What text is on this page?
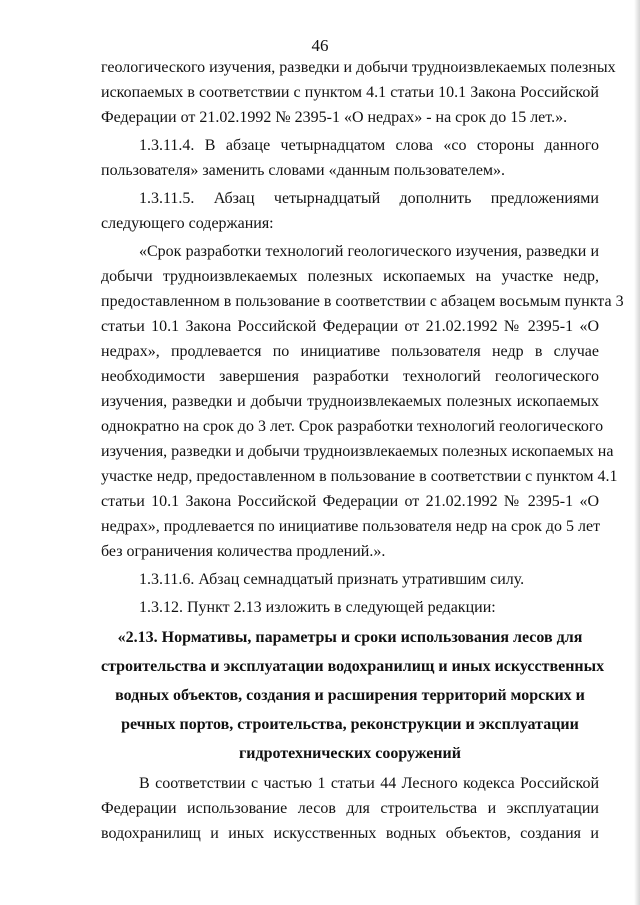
46
геологического изучения, разведки и добычи трудноизвлекаемых полезных
ископаемых в соответствии с пунктом 4.1 статьи 10.1 Закона Российской
Федерации от 21.02.1992 № 2395-1 «О недрах» - на срок до 15 лет.».
1.3.11.4. В абзаце четырнадцатом слова «со стороны данного
пользователя» заменить словами «данным пользователем».
1.3.11.5. Абзац четырнадцатый дополнить предложениями
следующего содержания:
«Срок разработки технологий геологического изучения, разведки и
добычи трудноизвлекаемых полезных ископаемых на участке недр,
предоставленном в пользование в соответствии с абзацем восьмым пункта 3
статьи 10.1 Закона Российской Федерации от 21.02.1992 № 2395-1 «О
недрах», продлевается по инициативе пользователя недр в случае
необходимости завершения разработки технологий геологического
изучения, разведки и добычи трудноизвлекаемых полезных ископаемых
однократно на срок до 3 лет. Срок разработки технологий геологического
изучения, разведки и добычи трудноизвлекаемых полезных ископаемых на
участке недр, предоставленном в пользование в соответствии с пунктом 4.1
статьи 10.1 Закона Российской Федерации от 21.02.1992 № 2395-1 «О
недрах», продлевается по инициативе пользователя недр на срок до 5 лет
без ограничения количества продлений.».
1.3.11.6. Абзац семнадцатый признать утратившим силу.
1.3.12. Пункт 2.13 изложить в следующей редакции:
«2.13. Нормативы, параметры и сроки использования лесов для
строительства и эксплуатации водохранилищ и иных искусственных
водных объектов, создания и расширения территорий морских и
речных портов, строительства, реконструкции и эксплуатации
гидротехнических сооружений
В соответствии с частью 1 статьи 44 Лесного кодекса Российской
Федерации использование лесов для строительства и эксплуатации
водохранилищ и иных искусственных водных объектов, создания и
